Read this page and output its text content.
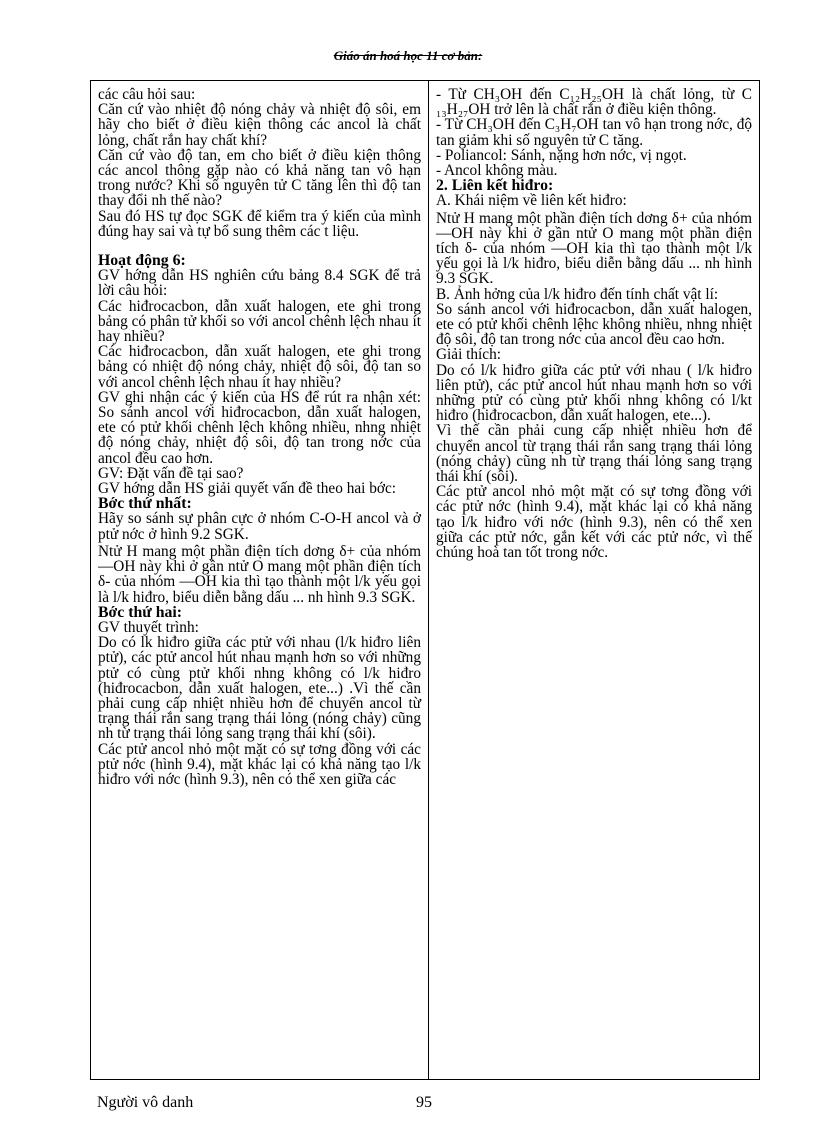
Giáo án hoá học 11 cơ bản:

các câu hỏi sau:

Căn cứ vào nhiệt độ nóng chảy và nhiệt độ sôi, em hãy cho biết ở điều kiện thông các ancol là chất lỏng, chất rắn hay chất khí?

Căn cứ vào độ tan, em cho biết ở điều kiện thông các ancol thông gặp nào có khả năng tan vô hạn trong nước? Khi số nguyên tử C tăng lên thì độ tan thay đổi nh thế nào?

Sau đó HS tự đọc SGK để kiểm tra ý kiến của mình đúng hay sai và tự bổ sung thêm các t liệu.

Hoạt động 6:

GV hớng dẫn HS nghiên cứu bảng 8.4 SGK để trả lời câu hỏi:

Các hiđrocacbon, dẫn xuất halogen, ete ghi trong bảng có phân tử khối so với ancol chênh lệch nhau ít hay nhiều?

Các hiđrocacbon, dẫn xuất halogen, ete ghi trong bảng có nhiệt độ nóng chảy, nhiệt độ sôi, độ tan so với ancol chênh lệch nhau ít hay nhiều?

GV ghi nhận các ý kiến của HS để rút ra nhận xét: So sánh ancol với hiđrocacbon, dẫn xuất halogen, ete có ptử khối chênh lệch không nhiều, nhng nhiệt độ nóng chảy, nhiệt độ sôi, độ tan trong nớc của ancol đều cao hơn.

GV: Đặt vấn đề tại sao?

GV hớng dẫn HS giải quyết vấn đề theo hai bớc:

Bớc thứ nhất:

Hãy so sánh sự phân cực ở nhóm C-O-H ancol và ở ptử nớc ở hình 9.2 SGK.

Ntử H mang một phần điện tích dơng δ+ của nhóm —OH này khi ở gần ntử O mang một phần điện tích δ- của nhóm —OH kia thì tạo thành một l/k yếu gọi là l/k hiđro, biểu diễn bằng dấu ... nh hình 9.3 SGK.

Bớc thứ hai:

GV thuyết trình:

Do có lk hiđro giữa các ptử với nhau (l/k hiđro liên ptử), các ptử ancol hút nhau mạnh hơn so với những ptử có cùng ptử khối nhng không có l/k hiđro (hiđrocacbon, dẫn xuất halogen, ete...) .Vì thế cần phải cung cấp nhiệt nhiều hơn để chuyển ancol từ trạng thái rắn sang trạng thái lỏng (nóng chảy) cũng nh từ trạng thái lỏng sang trạng thái khí (sôi).

Các ptử ancol nhỏ một mặt có sự tơng đồng với các ptử nớc (hình 9.4), mặt khác lại có khả năng tạo l/k hiđro với nớc (hình 9.3), nên có thể xen giữa các

- Từ CH₃OH đến C₁₂H₂₅OH là chất lỏng, từ C ₁₃H₂₇OH trở lên là chất rắn ở điều kiện thông.

- Từ CH₃OH đến C₃H₇OH tan vô hạn trong nớc, độ tan giảm khi số nguyên tử C tăng.

- Poliancol: Sánh, nặng hơn nớc, vị ngọt.

- Ancol không màu.

2. Liên kết hiđro:

A. Khái niệm về liên kết hiđro:

Ntử H mang một phần điện tích dơng δ+ của nhóm —OH này khi ở gần ntử O mang một phần điện tích δ- của nhóm —OH kia thì tạo thành một l/k yếu gọi là l/k hiđro, biểu diễn bằng dấu ... nh hình 9.3 SGK.

B. Ảnh hởng của l/k hiđro đến tính chất vật lí:

So sánh ancol với hiđrocacbon, dẫn xuất halogen, ete có ptử khối chênh lệhc không nhiều, nhng nhiệt độ sôi, độ tan trong nớc của ancol đều cao hơn.

Giải thích:

Do có l/k hiđro giữa các ptử với nhau ( l/k hiđro liên ptử), các ptử ancol hút nhau mạnh hơn so với những ptử có cùng ptử khối nhng không có l/kt hiđro (hiđrocacbon, dẫn xuất halogen, ete...).

Vì thế cần phải cung cấp nhiệt nhiều hơn để chuyển ancol từ trạng thái rắn sang trạng thái lỏng (nóng chảy) cũng nh từ trạng thái lỏng sang trạng thái khí (sôi).

Các ptử ancol nhỏ một mặt có sự tơng đồng với các ptử nớc (hình 9.4), mặt khác lại có khả năng tạo l/k hiđro với nớc (hình 9.3), nên có thể xen giữa các ptử nớc, gắn kết với các ptử nớc, vì thế chúng hoà tan tốt trong nớc.

Người vô danh	95
